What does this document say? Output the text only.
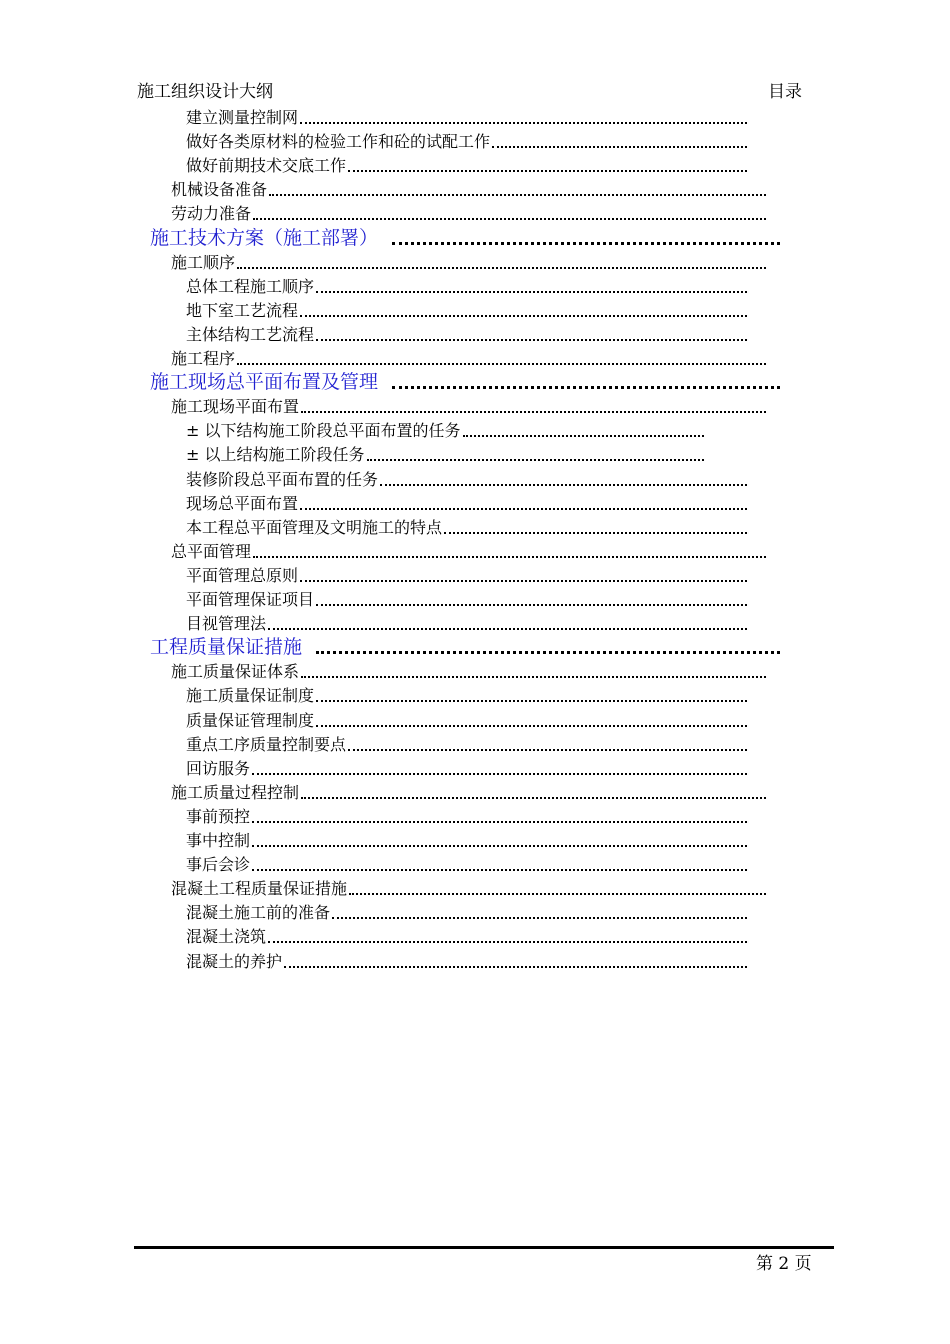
施工组织设计大纲	目录
建立测量控制网
做好各类原材料的检验工作和砼的试配工作
做好前期技术交底工作
机械设备准备
劳动力准备
施工技术方案（施工部署）
施工顺序
总体工程施工顺序
地下室工艺流程
主体结构工艺流程
施工程序
施工现场总平面布置及管理
施工现场平面布置
± 以下结构施工阶段总平面布置的任务
± 以上结构施工阶段任务
装修阶段总平面布置的任务
现场总平面布置
本工程总平面管理及文明施工的特点
总平面管理
平面管理总原则
平面管理保证项目
目视管理法
工程质量保证措施
施工质量保证体系
施工质量保证制度
质量保证管理制度
重点工序质量控制要点
回访服务
施工质量过程控制
事前预控
事中控制
事后会诊
混凝土工程质量保证措施
混凝土施工前的准备
混凝土浇筑
混凝土的养护
第 2 页
